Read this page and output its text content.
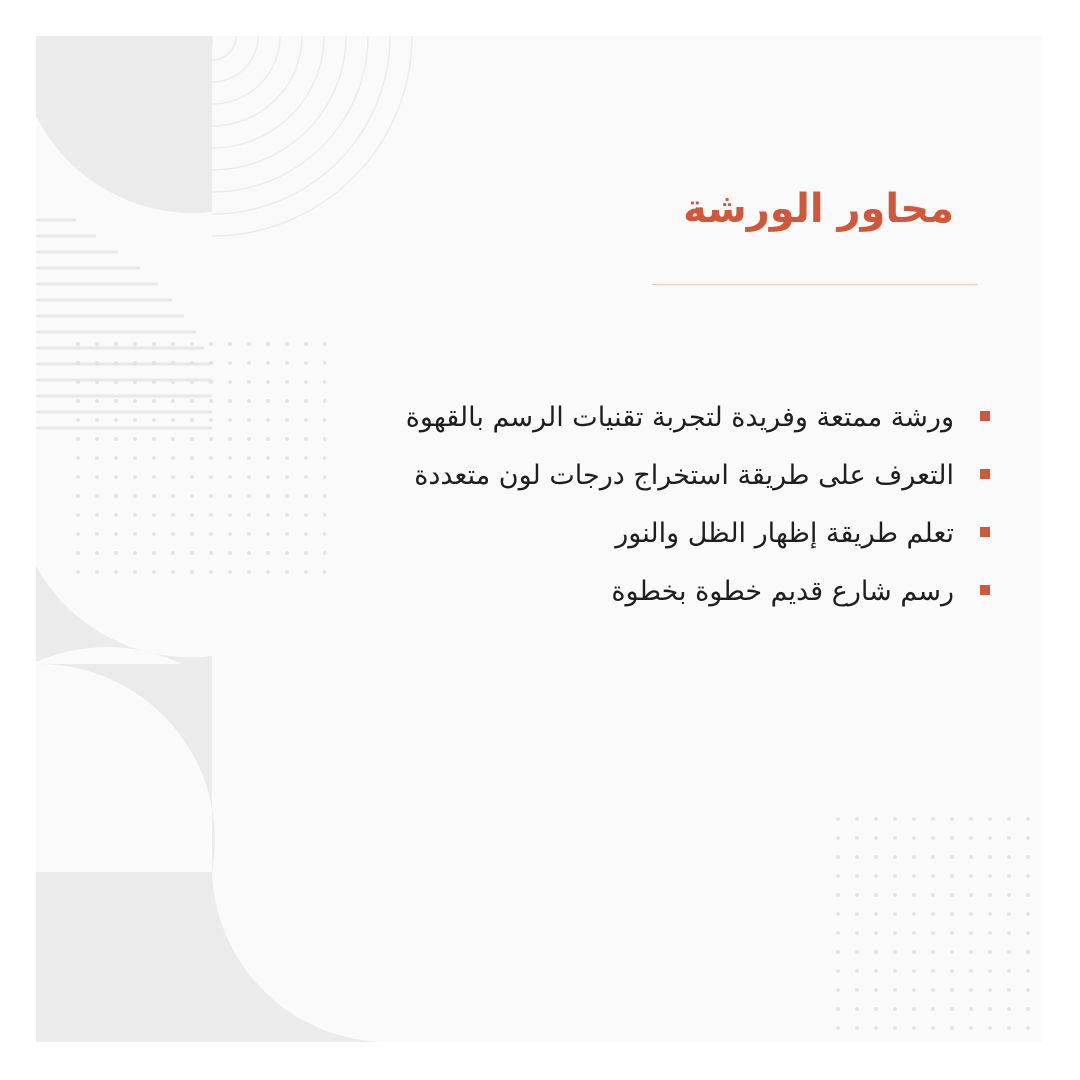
محاور الورشة
ورشة ممتعة وفريدة لتجربة تقنيات الرسم بالقهوة
التعرف على طريقة استخراج درجات لون متعددة
تعلم طريقة إظهار الظل والنور
رسم شارع قديم خطوة بخطوة
